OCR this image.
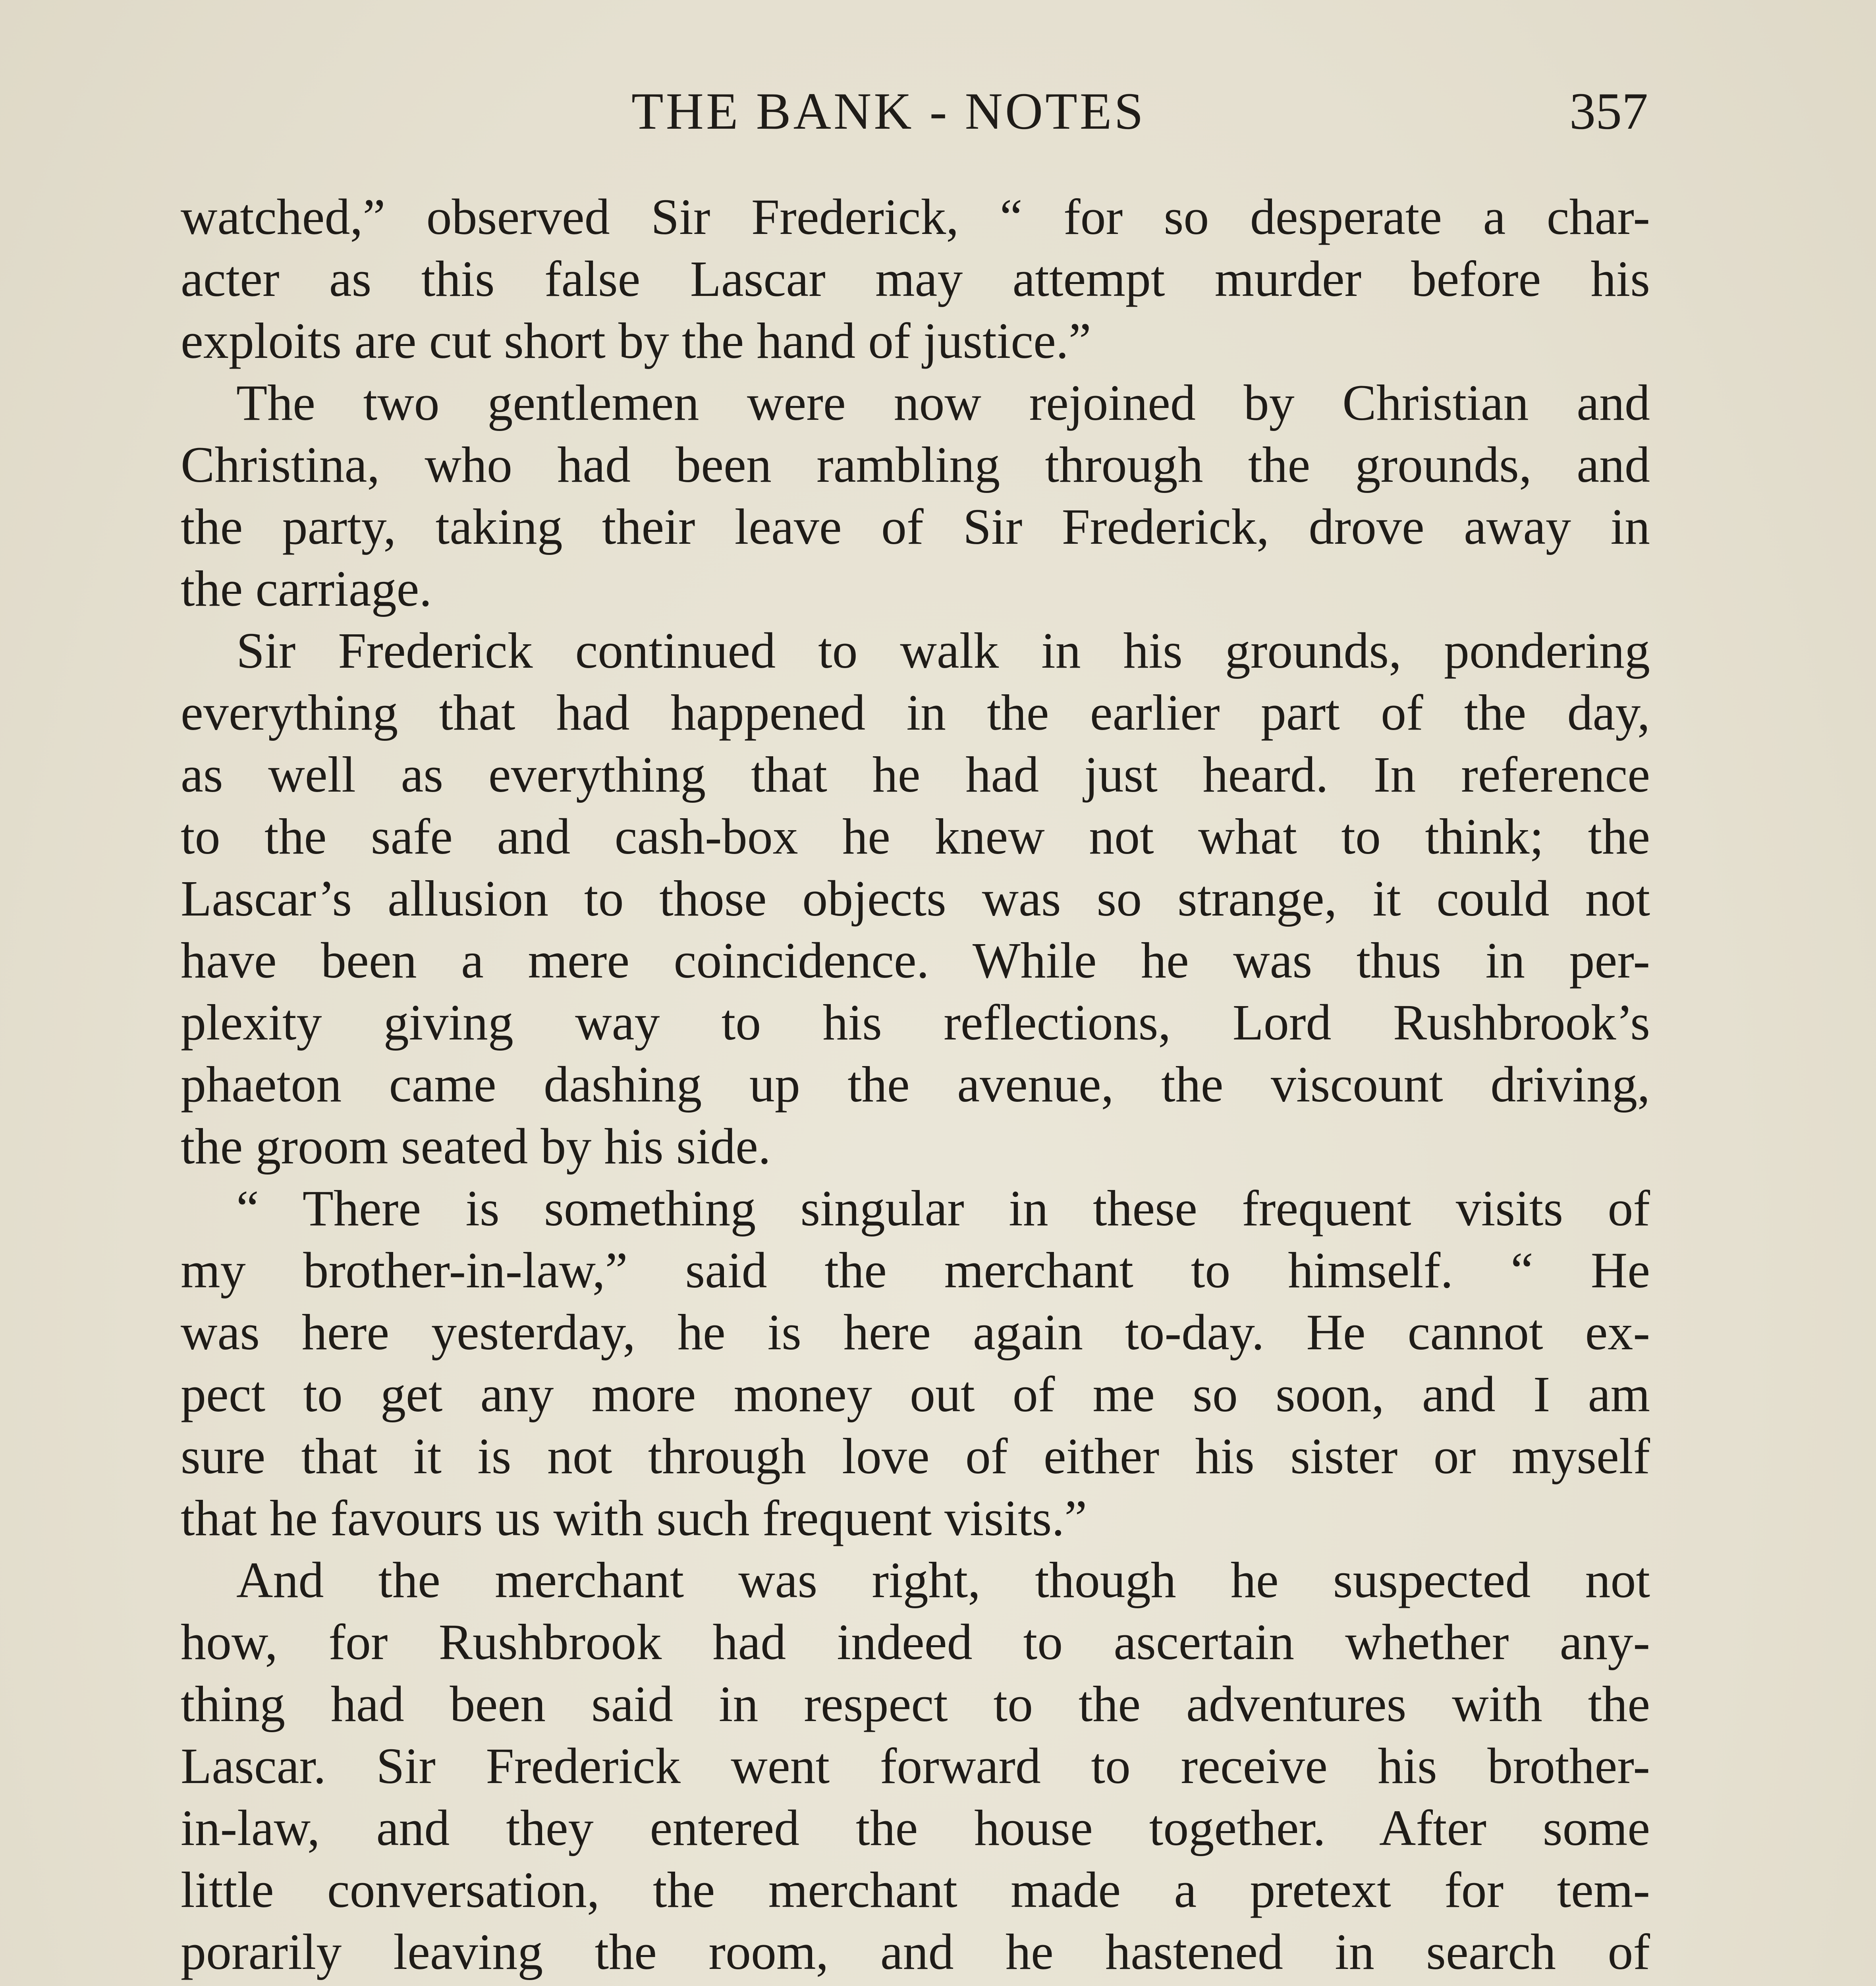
THE BANK - NOTES	357
watched,” observed Sir Frederick, “ for so desperate a char-
acter as this false Lascar may attempt murder before his
exploits are cut short by the hand of justice.”
The two gentlemen were now rejoined by Christian and
Christina, who had been rambling through the grounds, and
the party, taking their leave of Sir Frederick, drove away in
the carriage.
Sir Frederick continued to walk in his grounds, pondering
everything that had happened in the earlier part of the day,
as well as everything that he had just heard. In reference
to the safe and cash-box he knew not what to think; the
Lascar’s allusion to those objects was so strange, it could not
have been a mere coincidence. While he was thus in per-
plexity giving way to his reflections, Lord Rushbrook’s
phaeton came dashing up the avenue, the viscount driving,
the groom seated by his side.
“ There is something singular in these frequent visits of
my brother-in-law,” said the merchant to himself. “ He
was here yesterday, he is here again to-day. He cannot ex-
pect to get any more money out of me so soon, and I am
sure that it is not through love of either his sister or myself
that he favours us with such frequent visits.”
And the merchant was right, though he suspected not
how, for Rushbrook had indeed to ascertain whether any-
thing had been said in respect to the adventures with the
Lascar. Sir Frederick went forward to receive his brother-
in-law, and they entered the house together. After some
little conversation, the merchant made a pretext for tem-
porarily leaving the room, and he hastened in search of
